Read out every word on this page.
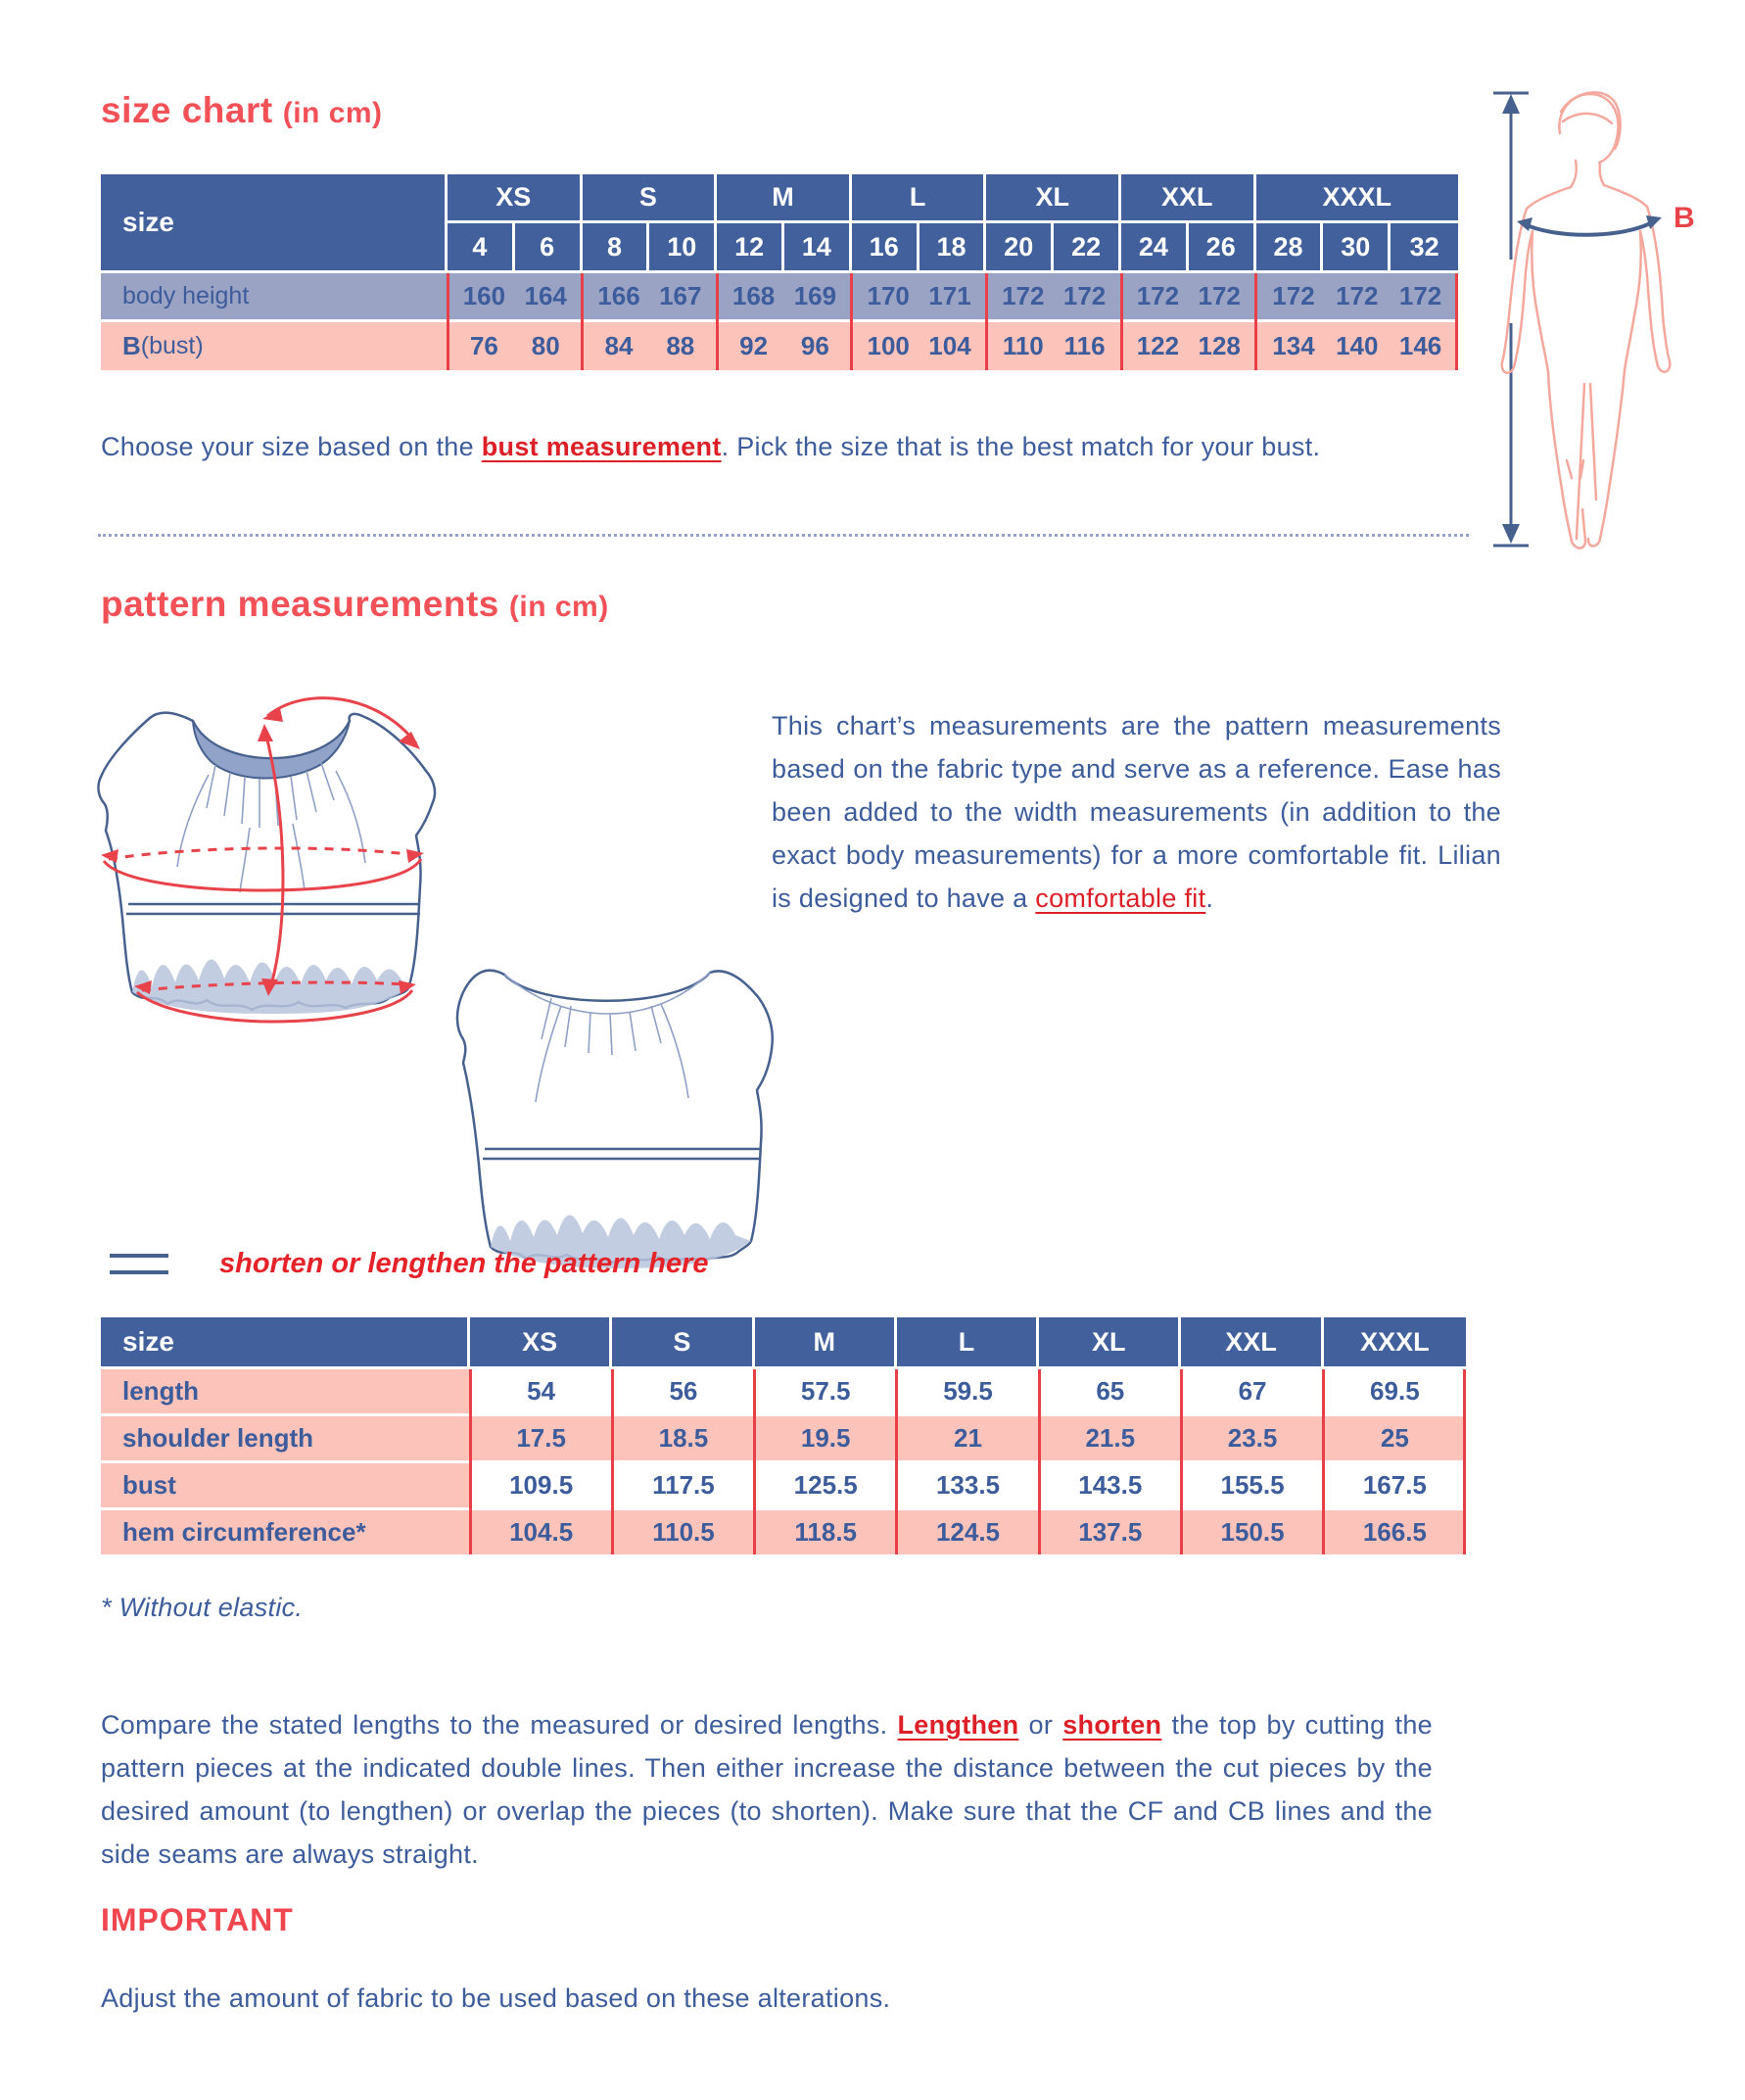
size chart (in cm)
size
XS	S	M	L	XL	XXL	XXXL
4	6	8	10	12	14	16	18	20	22	24	26	28	30	32
body height	160 164 166 167 168 169 170 171 172 172 172 172 172 172 172
B (bust)	76 80 84 88 92 96 100 104 110 116 122 128 134 140 146

Choose your size based on the bust measurement. Pick the size that is the best match for your bust.

B
pattern measurements (in cm)

This chart’s measurements are the pattern measurements based on the fabric type and serve as a reference. Ease has been added to the width measurements (in addition to the exact body measurements) for a more comfortable fit. Lilian is designed to have a comfortable fit.

shorten or lengthen the pattern here
size	XS	S	M	L	XL	XXL	XXXL
length	54	56	57.5	59.5	65	67	69.5
shoulder length	17.5	18.5	19.5	21	21.5	23.5	25
bust	109.5	117.5	125.5	133.5	143.5	155.5	167.5
hem circumference*	104.5	110.5	118.5	124.5	137.5	150.5	166.5

* Without elastic.

Compare the stated lengths to the measured or desired lengths. Lengthen or shorten the top by cutting the pattern pieces at the indicated double lines. Then either increase the distance between the cut pieces by the desired amount (to lengthen) or overlap the pieces (to shorten). Make sure that the CF and CB lines and the side seams are always straight.

IMPORTANT

Adjust the amount of fabric to be used based on these alterations.
